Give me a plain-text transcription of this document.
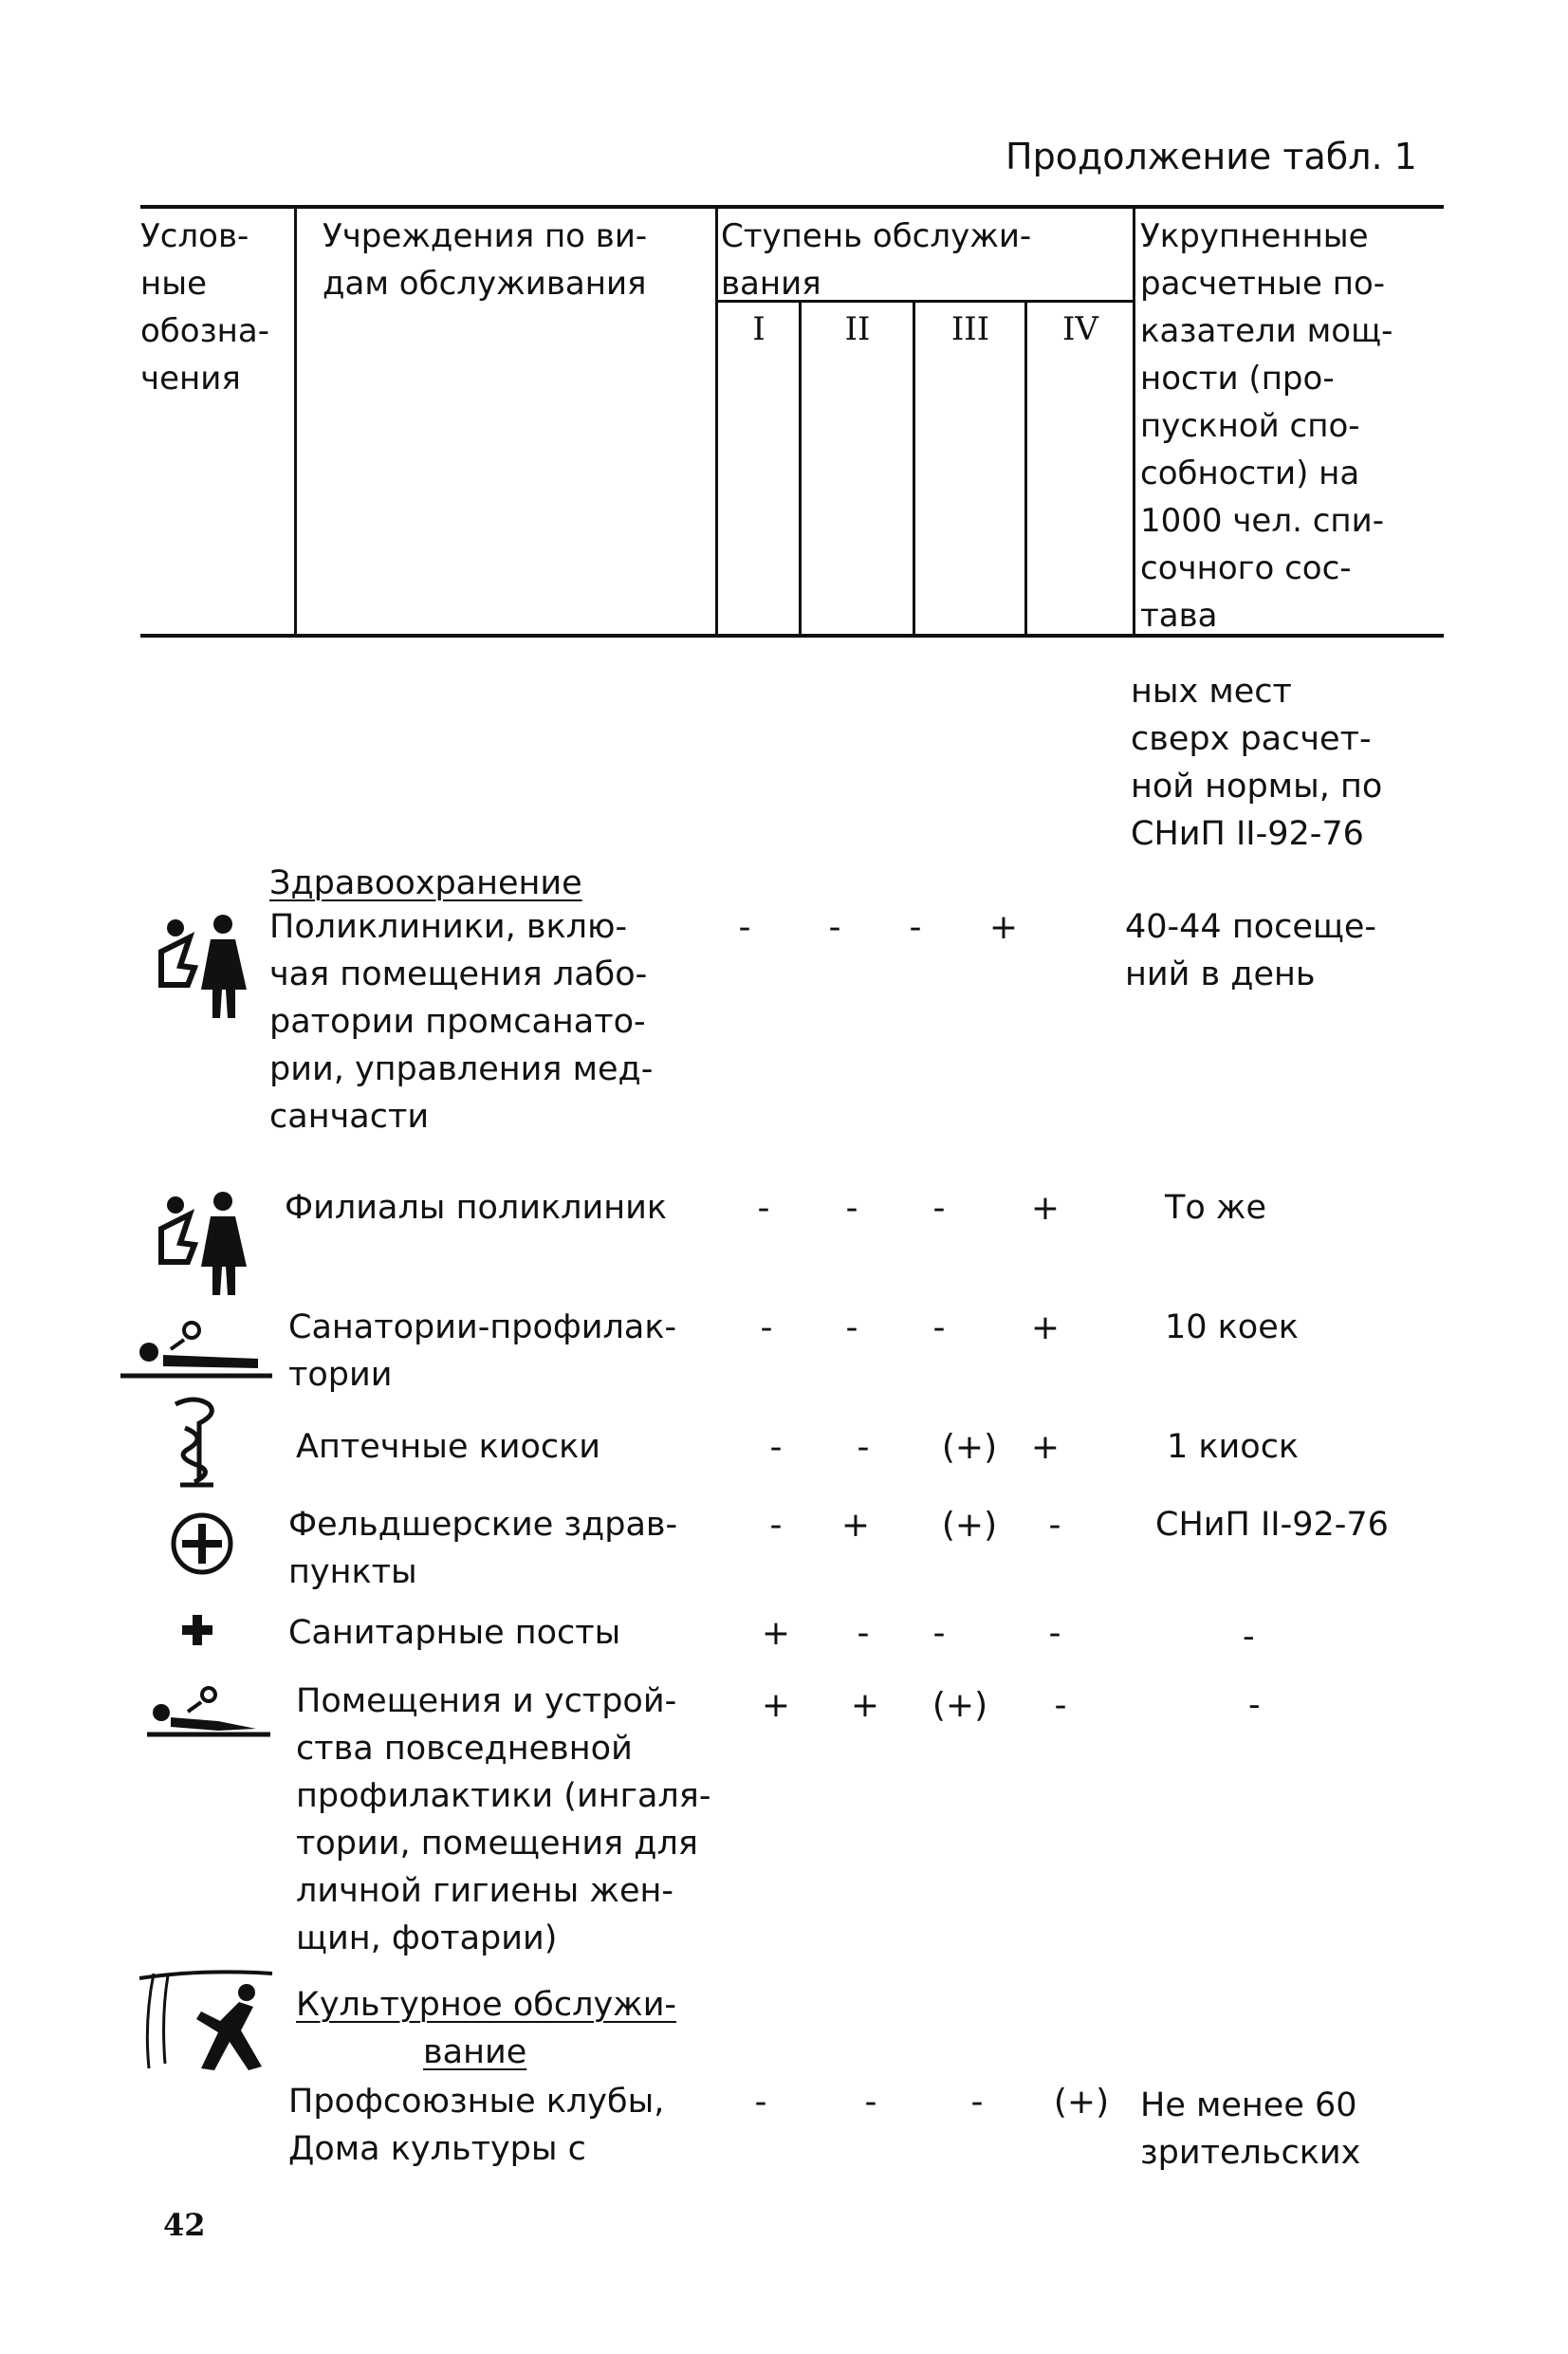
Продолжение табл. 1
Услов-
ные
обозна-
чения
Учреждения по ви-
дам обслуживания
Ступень обслужи-
вания
I	II	III	IV
Укрупненные
расчетные по-
казатели мощ-
ности (про-
пускной спо-
собности) на
1000 чел. спи-
сочного сос-
тава
ных мест
сверх расчет-
ной нормы, по
СНиП II-92-76
Здравоохранение
Поликлиники, вклю-
чая помещения лабо-
ратории промсанато-
рии, управления мед-
санчасти
-	-	-	+	40-44 посеще-
ний в день
Филиалы поликлиник	-	-	-	+	То же
Санатории-профилак-
тории
-	-	-	+	10 коек
Аптечные киоски	-	-	(+) +	1 киоск
Фельдшерские здрав-
пункты
-	+	(+)	-	СНиП II-92-76
Санитарные посты	+	-	-	-	-
Помещения и устрой-
ства повседневной
профилактики (ингаля-
тории, помещения для
личной гигиены жен-
щин, фотарии)
+	+	(+)	-	-
Культурное обслужи-
вание
Профсоюзные клубы,
Дома культуры с
-	-	-	(+) Не менее 60
зрительских
42
